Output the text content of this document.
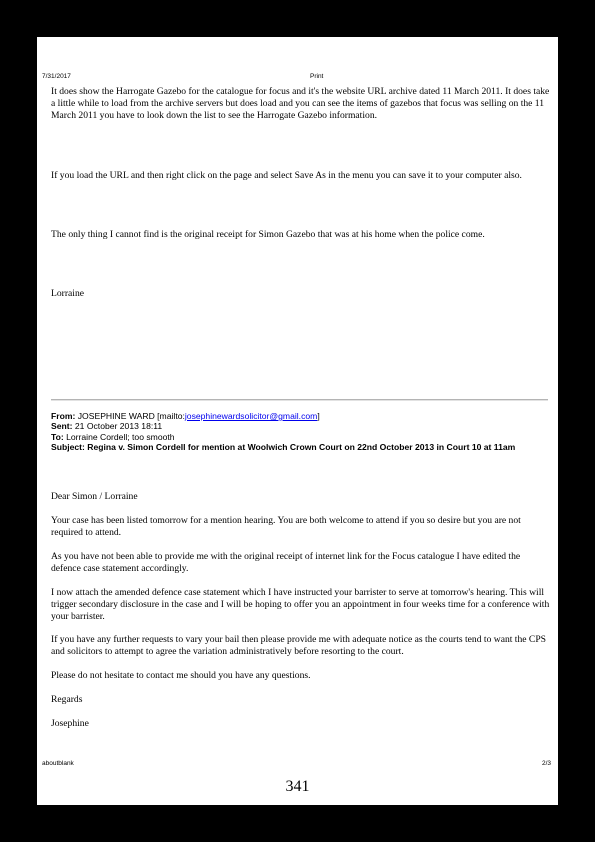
7/31/2017	Print
It does show the Harrogate Gazebo for the catalogue for focus and it's the website URL archive dated 11 March 2011. It does take a little while to load from the archive servers but does load and you can see the items of gazebos that focus was selling on the 11 March 2011 you have to look down the list to see the Harrogate Gazebo information.
If you load the URL and then right click on the page and select Save As in the menu you can save it to your computer also.
The only thing I cannot find is the original receipt for Simon Gazebo that was at his home when the police come.
Lorraine
From: JOSEPHINE WARD [mailto:josephinewardsolicitor@gmail.com]
Sent: 21 October 2013 18:11
To: Lorraine Cordell; too smooth
Subject: Regina v. Simon Cordell for mention at Woolwich Crown Court on 22nd October 2013 in Court 10 at 11am
Dear Simon / Lorraine
Your case has been listed tomorrow for a mention hearing. You are both welcome to attend if you so desire but you are not required to attend.
As you have not been able to provide me with the original receipt of internet link for the Focus catalogue I have edited the defence case statement accordingly.
I now attach the amended defence case statement which I have instructed your barrister to serve at tomorrow's hearing. This will trigger secondary disclosure in the case and I will be hoping to offer you an appointment in four weeks time for a conference with your barrister.
If you have any further requests to vary your bail then please provide me with adequate notice as the courts tend to want the CPS and solicitors to attempt to agree the variation administratively before resorting to the court.
Please do not hesitate to contact me should you have any questions.
Regards
Josephine
aboutblank	2/3
341
